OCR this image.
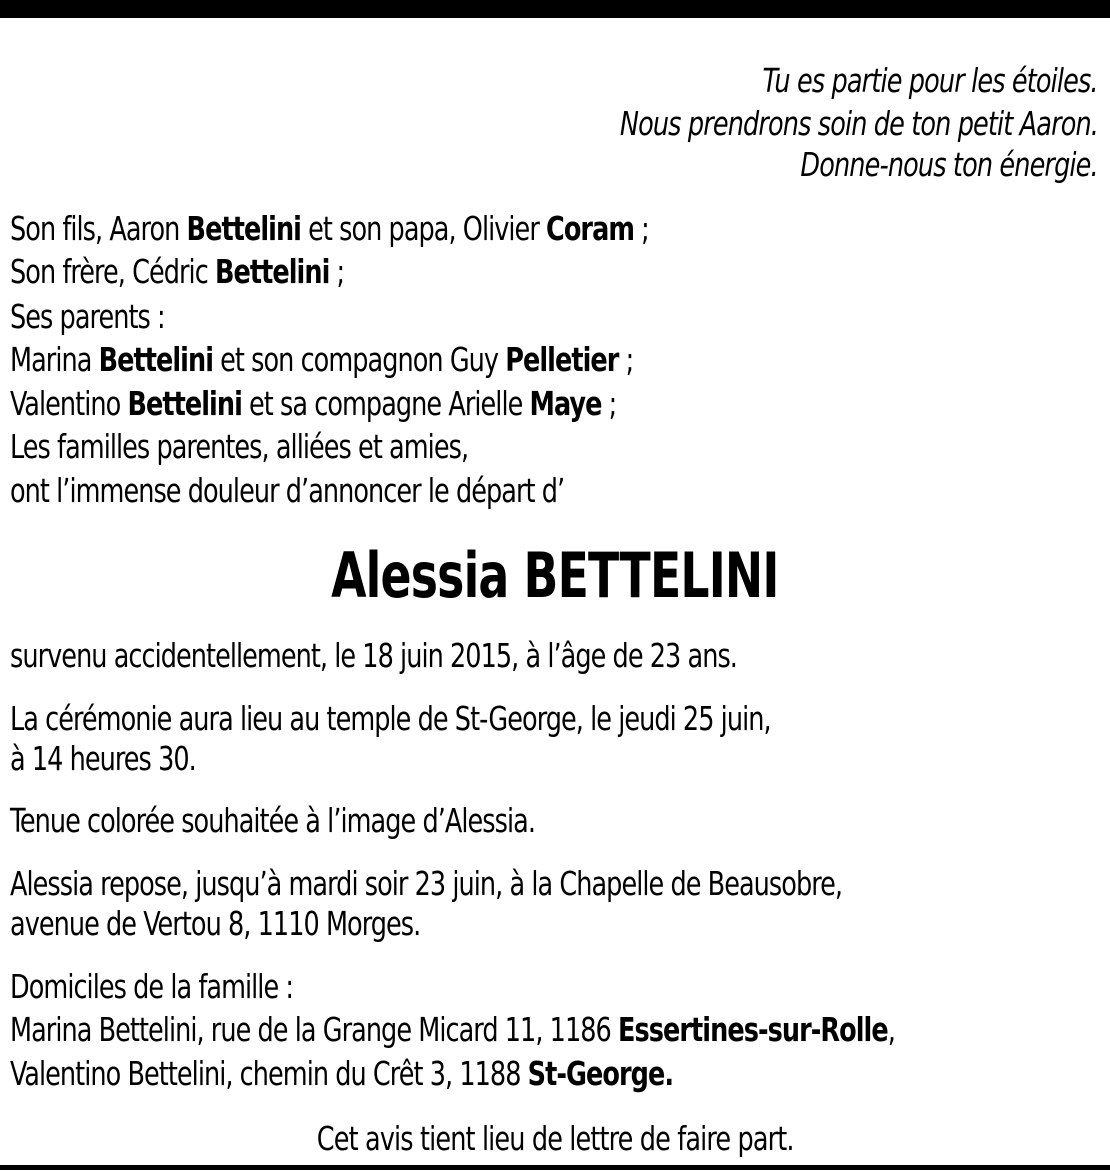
Tu es partie pour les étoiles.
Nous prendrons soin de ton petit Aaron.
Donne-nous ton énergie.
Son fils, Aaron Bettelini et son papa, Olivier Coram ;
Son frère, Cédric Bettelini ;
Ses parents :
Marina Bettelini et son compagnon Guy Pelletier ;
Valentino Bettelini et sa compagne Arielle Maye ;
Les familles parentes, alliées et amies,
ont l’immense douleur d’annoncer le départ d’
Alessia BETTELINI
survenu accidentellement, le 18 juin 2015, à l’âge de 23 ans.
La cérémonie aura lieu au temple de St-George, le jeudi 25 juin,
à 14 heures 30.
Tenue colorée souhaitée à l’image d’Alessia.
Alessia repose, jusqu’à mardi soir 23 juin, à la Chapelle de Beausobre,
avenue de Vertou 8, 1110 Morges.
Domiciles de la famille :
Marina Bettelini, rue de la Grange Micard 11, 1186 Essertines-sur-Rolle,
Valentino Bettelini, chemin du Crêt 3, 1188 St-George.
Cet avis tient lieu de lettre de faire part.
